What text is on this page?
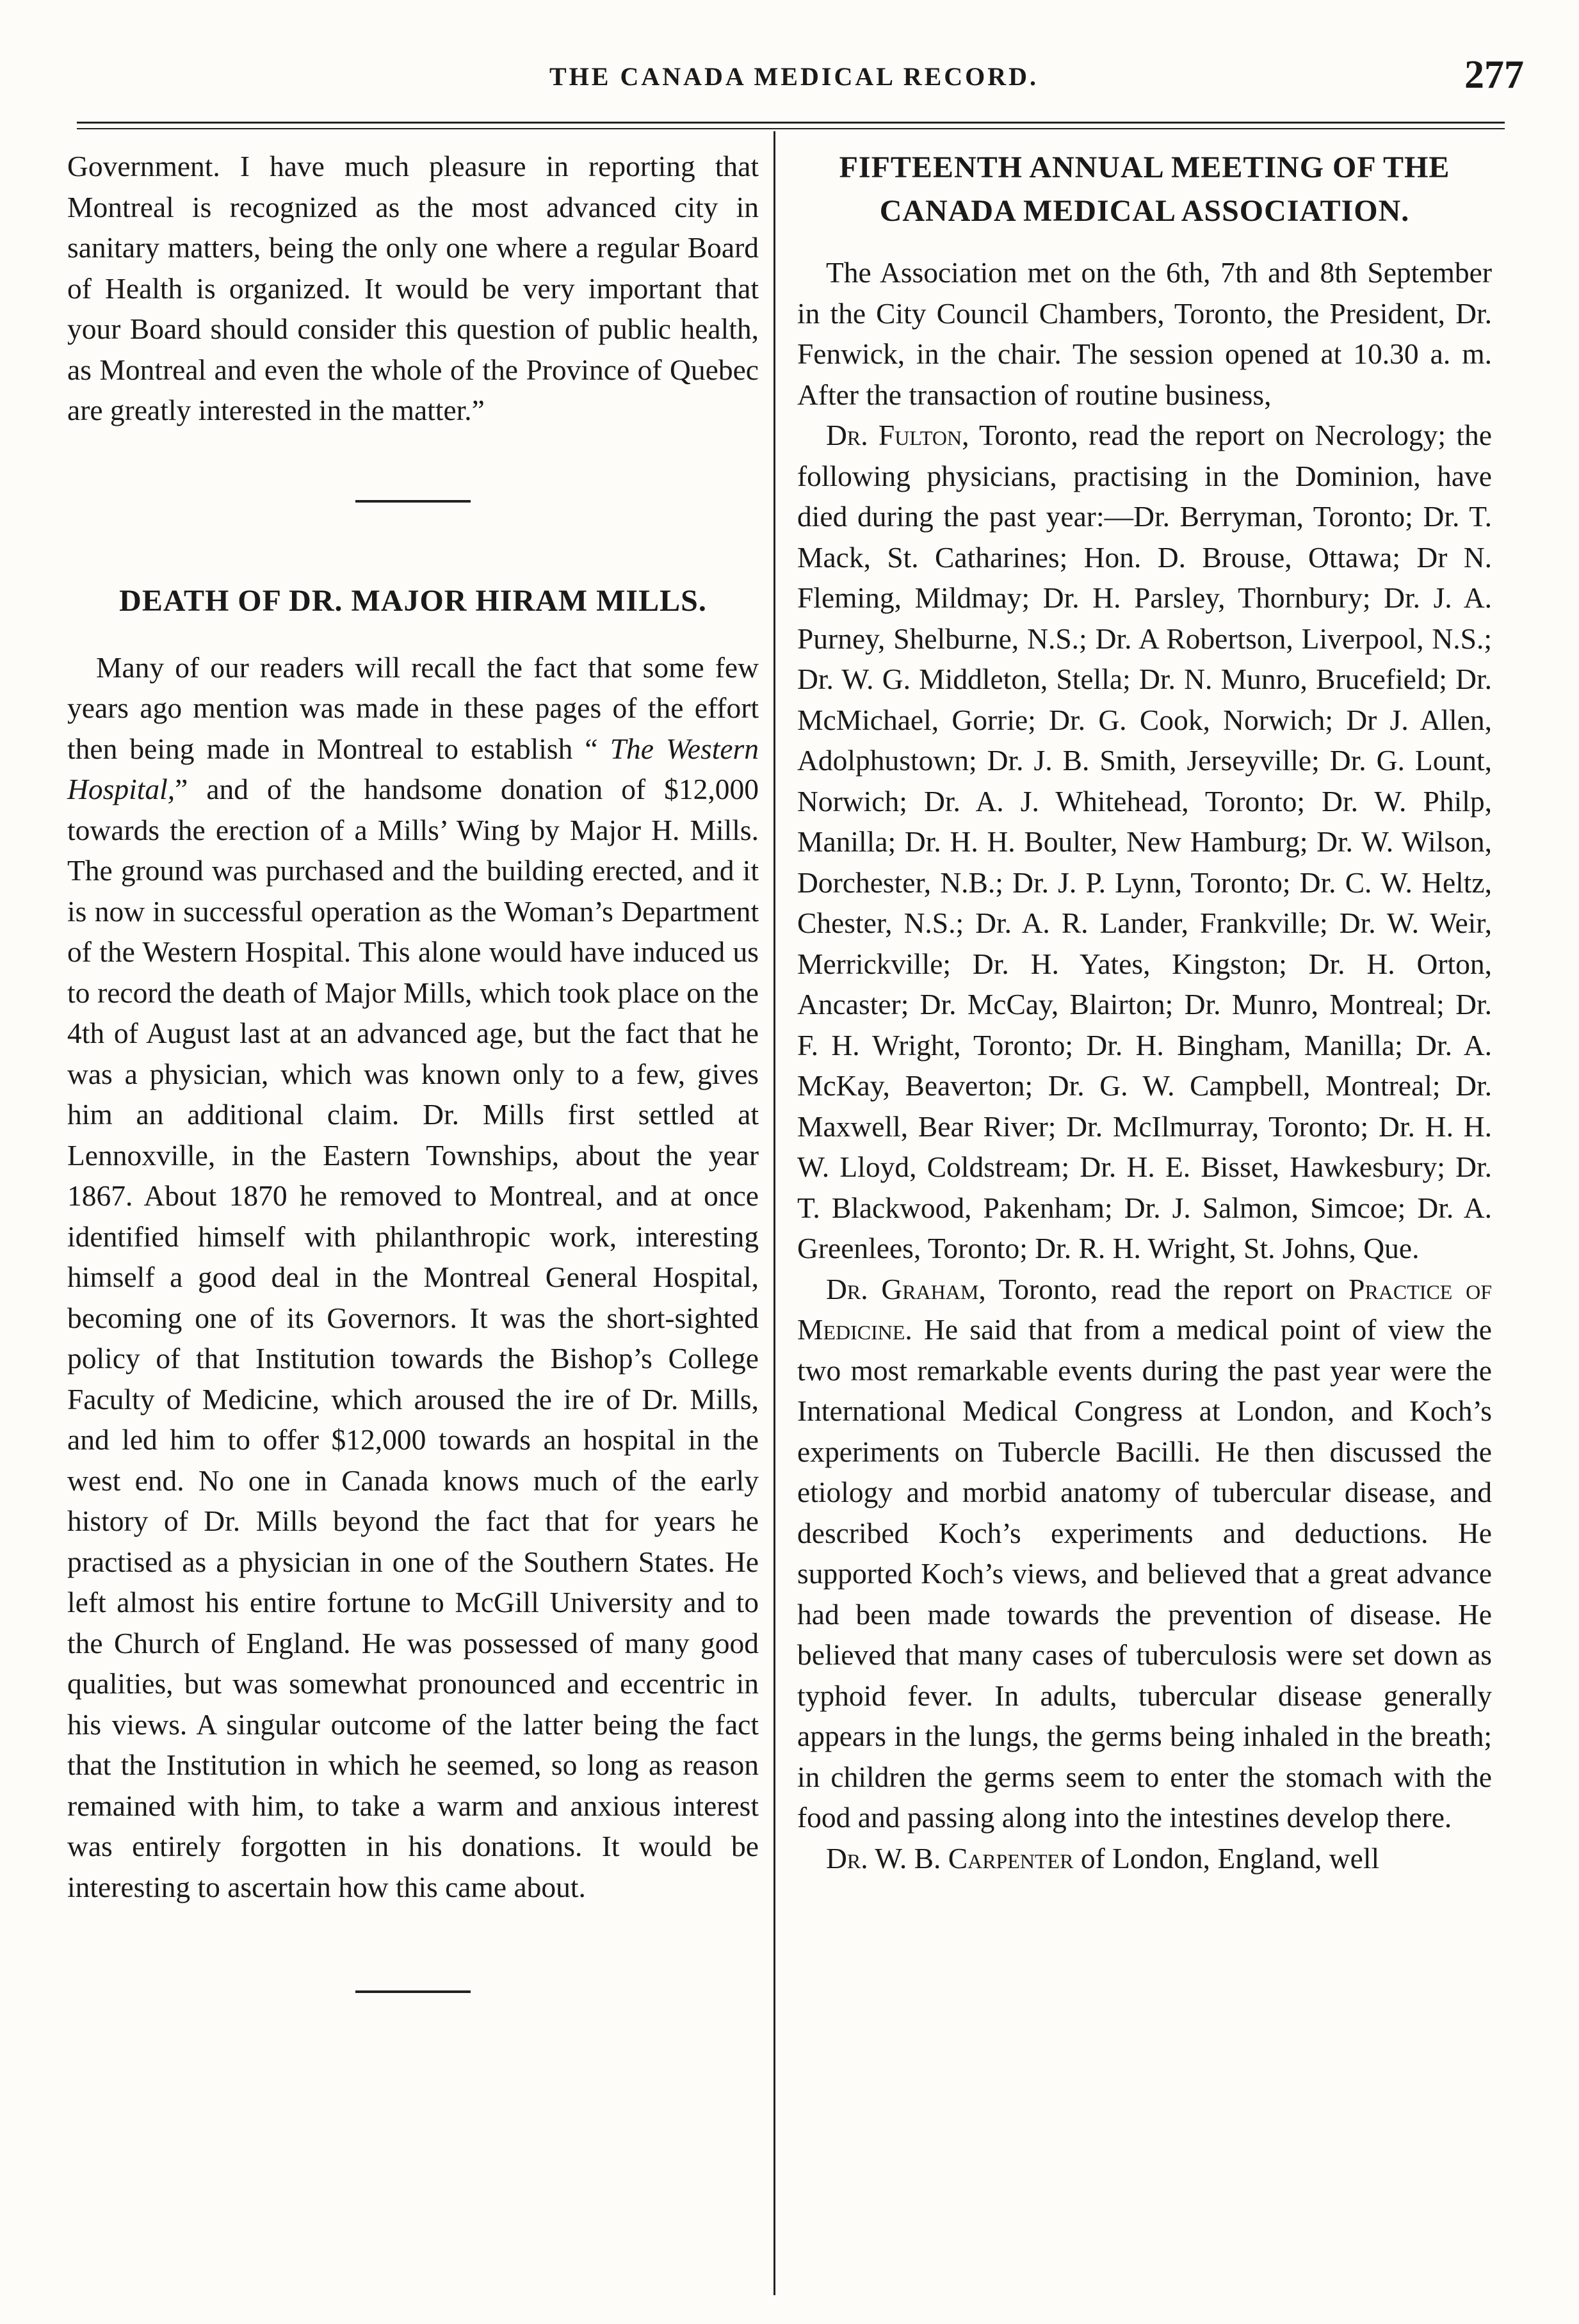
THE CANADA MEDICAL RECORD.	277

Government. I have much pleasure in reporting that Montreal is recognized as the most advanced city in sanitary matters, being the only one where a regular Board of Health is organized. It would be very important that your Board should consider this question of public health, as Montreal and even the whole of the Province of Quebec are greatly interested in the matter.”

DEATH OF DR. MAJOR HIRAM MILLS.

Many of our readers will recall the fact that some few years ago mention was made in these pages of the effort then being made in Montreal to establish “ The Western Hospital,” and of the handsome donation of $12,000 towards the erection of a Mills’ Wing by Major H. Mills. The ground was purchased and the building erected, and it is now in successful operation as the Woman’s Department of the Western Hospital. This alone would have induced us to record the death of Major Mills, which took place on the 4th of August last at an advanced age, but the fact that he was a physician, which was known only to a few, gives him an additional claim. Dr. Mills first settled at Lennoxville, in the Eastern Townships, about the year 1867. About 1870 he removed to Montreal, and at once identified himself with philanthropic work, interesting himself a good deal in the Montreal General Hospital, becoming one of its Governors. It was the short-sighted policy of that Institution towards the Bishop’s College Faculty of Medicine, which aroused the ire of Dr. Mills, and led him to offer $12,000 towards an hospital in the west end. No one in Canada knows much of the early history of Dr. Mills beyond the fact that for years he practised as a physician in one of the Southern States. He left almost his entire fortune to McGill University and to the Church of England. He was possessed of many good qualities, but was somewhat pronounced and eccentric in his views. A singular outcome of the latter being the fact that the Institution in which he seemed, so long as reason remained with him, to take a warm and anxious interest was entirely forgotten in his donations. It would be interesting to ascertain how this came about.

FIFTEENTH ANNUAL MEETING OF THE
CANADA MEDICAL ASSOCIATION.

The Association met on the 6th, 7th and 8th September in the City Council Chambers, Toronto, the President, Dr. Fenwick, in the chair. The session opened at 10.30 a. m. After the transaction of routine business,

Dr. Fulton, Toronto, read the report on Necrology; the following physicians, practising in the Dominion, have died during the past year:—Dr. Berryman, Toronto; Dr. T. Mack, St. Catharines; Hon. D. Brouse, Ottawa; Dr N. Fleming, Mildmay; Dr. H. Parsley, Thornbury; Dr. J. A. Purney, Shelburne, N.S.; Dr. A Robertson, Liverpool, N.S.; Dr. W. G. Middleton, Stella; Dr. N. Munro, Brucefield; Dr. McMichael, Gorrie; Dr. G. Cook, Norwich; Dr J. Allen, Adolphustown; Dr. J. B. Smith, Jerseyville; Dr. G. Lount, Norwich; Dr. A. J. Whitehead, Toronto; Dr. W. Philp, Manilla; Dr. H. H. Boulter, New Hamburg; Dr. W. Wilson, Dorchester, N.B.; Dr. J. P. Lynn, Toronto; Dr. C. W. Heltz, Chester, N.S.; Dr. A. R. Lander, Frankville; Dr. W. Weir, Merrickville; Dr. H. Yates, Kingston; Dr. H. Orton, Ancaster; Dr. McCay, Blairton; Dr. Munro, Montreal; Dr. F. H. Wright, Toronto; Dr. H. Bingham, Manilla; Dr. A. McKay, Beaverton; Dr. G. W. Campbell, Montreal; Dr. Maxwell, Bear River; Dr. McIlmurray, Toronto; Dr. H. H. W. Lloyd, Coldstream; Dr. H. E. Bisset, Hawkesbury; Dr. T. Blackwood, Pakenham; Dr. J. Salmon, Simcoe; Dr. A. Greenlees, Toronto; Dr. R. H. Wright, St. Johns, Que.

Dr. Graham, Toronto, read the report on Practice of Medicine. He said that from a medical point of view the two most remarkable events during the past year were the International Medical Congress at London, and Koch’s experiments on Tubercle Bacilli. He then discussed the etiology and morbid anatomy of tubercular disease, and described Koch’s experiments and deductions. He supported Koch’s views, and believed that a great advance had been made towards the prevention of disease. He believed that many cases of tuberculosis were set down as typhoid fever. In adults, tubercular disease generally appears in the lungs, the germs being inhaled in the breath; in children the germs seem to enter the stomach with the food and passing along into the intestines develop there.

Dr. W. B. Carpenter of London, England, well
